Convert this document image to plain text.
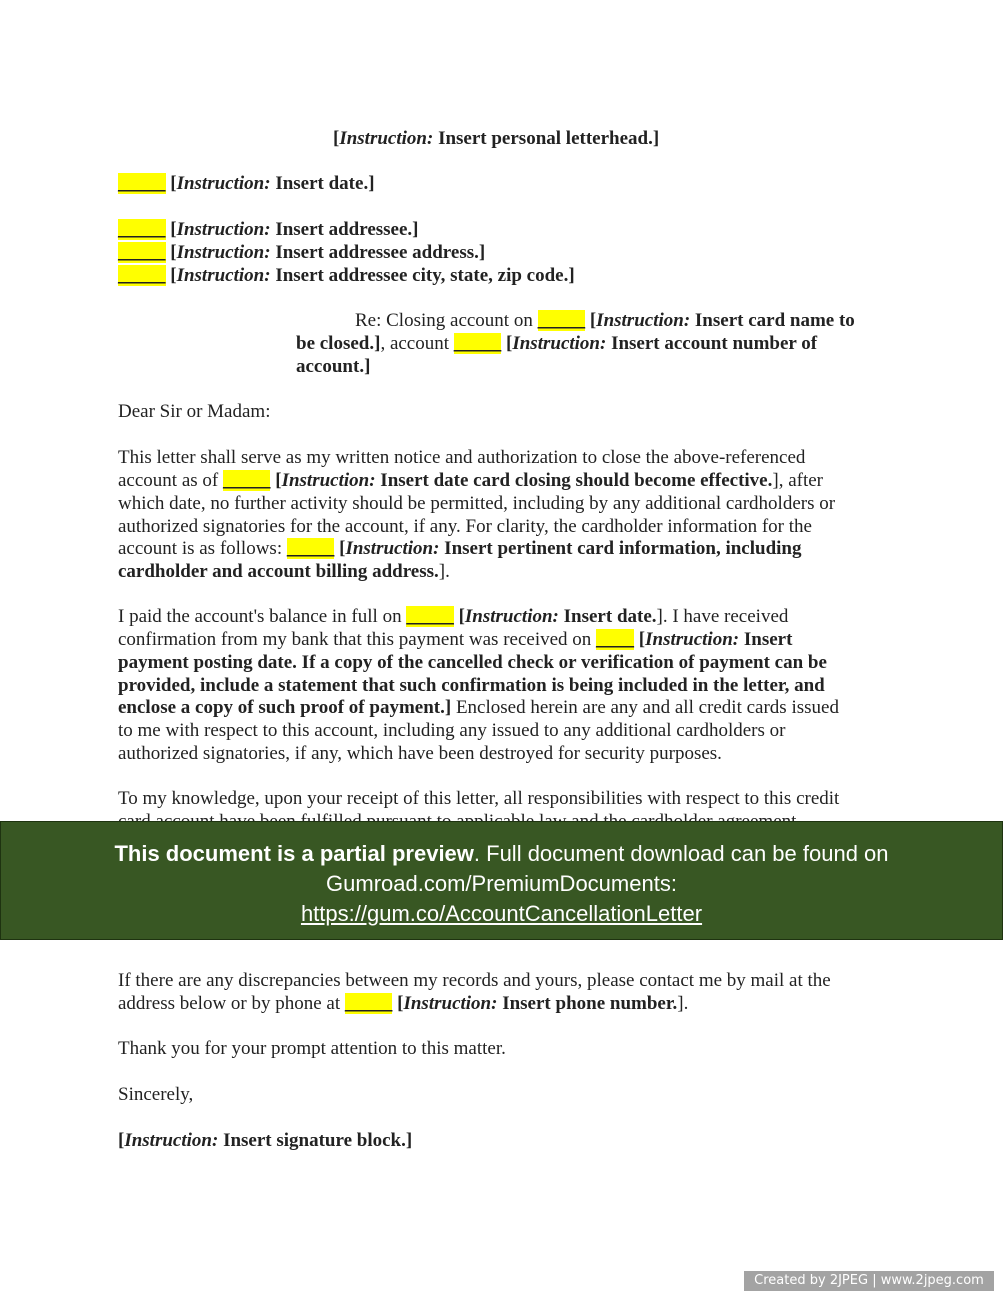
[Instruction: Insert personal letterhead.]
_____ [Instruction: Insert date.]
_____ [Instruction: Insert addressee.]
_____ [Instruction: Insert addressee address.]
_____ [Instruction: Insert addressee city, state, zip code.]
Re: Closing account on _____ [Instruction: Insert card name to
be closed.], account _____ [Instruction: Insert account number of
account.]
Dear Sir or Madam:
This letter shall serve as my written notice and authorization to close the above-referenced
account as of _____ [Instruction: Insert date card closing should become effective.], after
which date, no further activity should be permitted, including by any additional cardholders or
authorized signatories for the account, if any. For clarity, the cardholder information for the
account is as follows: _____ [Instruction: Insert pertinent card information, including
cardholder and account billing address.].
I paid the account's balance in full on _____ [Instruction: Insert date.]. I have received
confirmation from my bank that this payment was received on ____ [Instruction: Insert
payment posting date. If a copy of the cancelled check or verification of payment can be
provided, include a statement that such confirmation is being included in the letter, and
enclose a copy of such proof of payment.] Enclosed herein are any and all credit cards issued
to me with respect to this account, including any issued to any additional cardholders or
authorized signatories, if any, which have been destroyed for security purposes.
To my knowledge, upon your receipt of this letter, all responsibilities with respect to this credit
If there are any discrepancies between my records and yours, please contact me by mail at the
address below or by phone at _____ [Instruction: Insert phone number.].
Thank you for your prompt attention to this matter.
Sincerely,
[Instruction: Insert signature block.]
This document is a partial preview. Full document download can be found on
Gumroad.com/PremiumDocuments:
https://gum.co/AccountCancellationLetter
Created by 2JPEG | www.2jpeg.com
